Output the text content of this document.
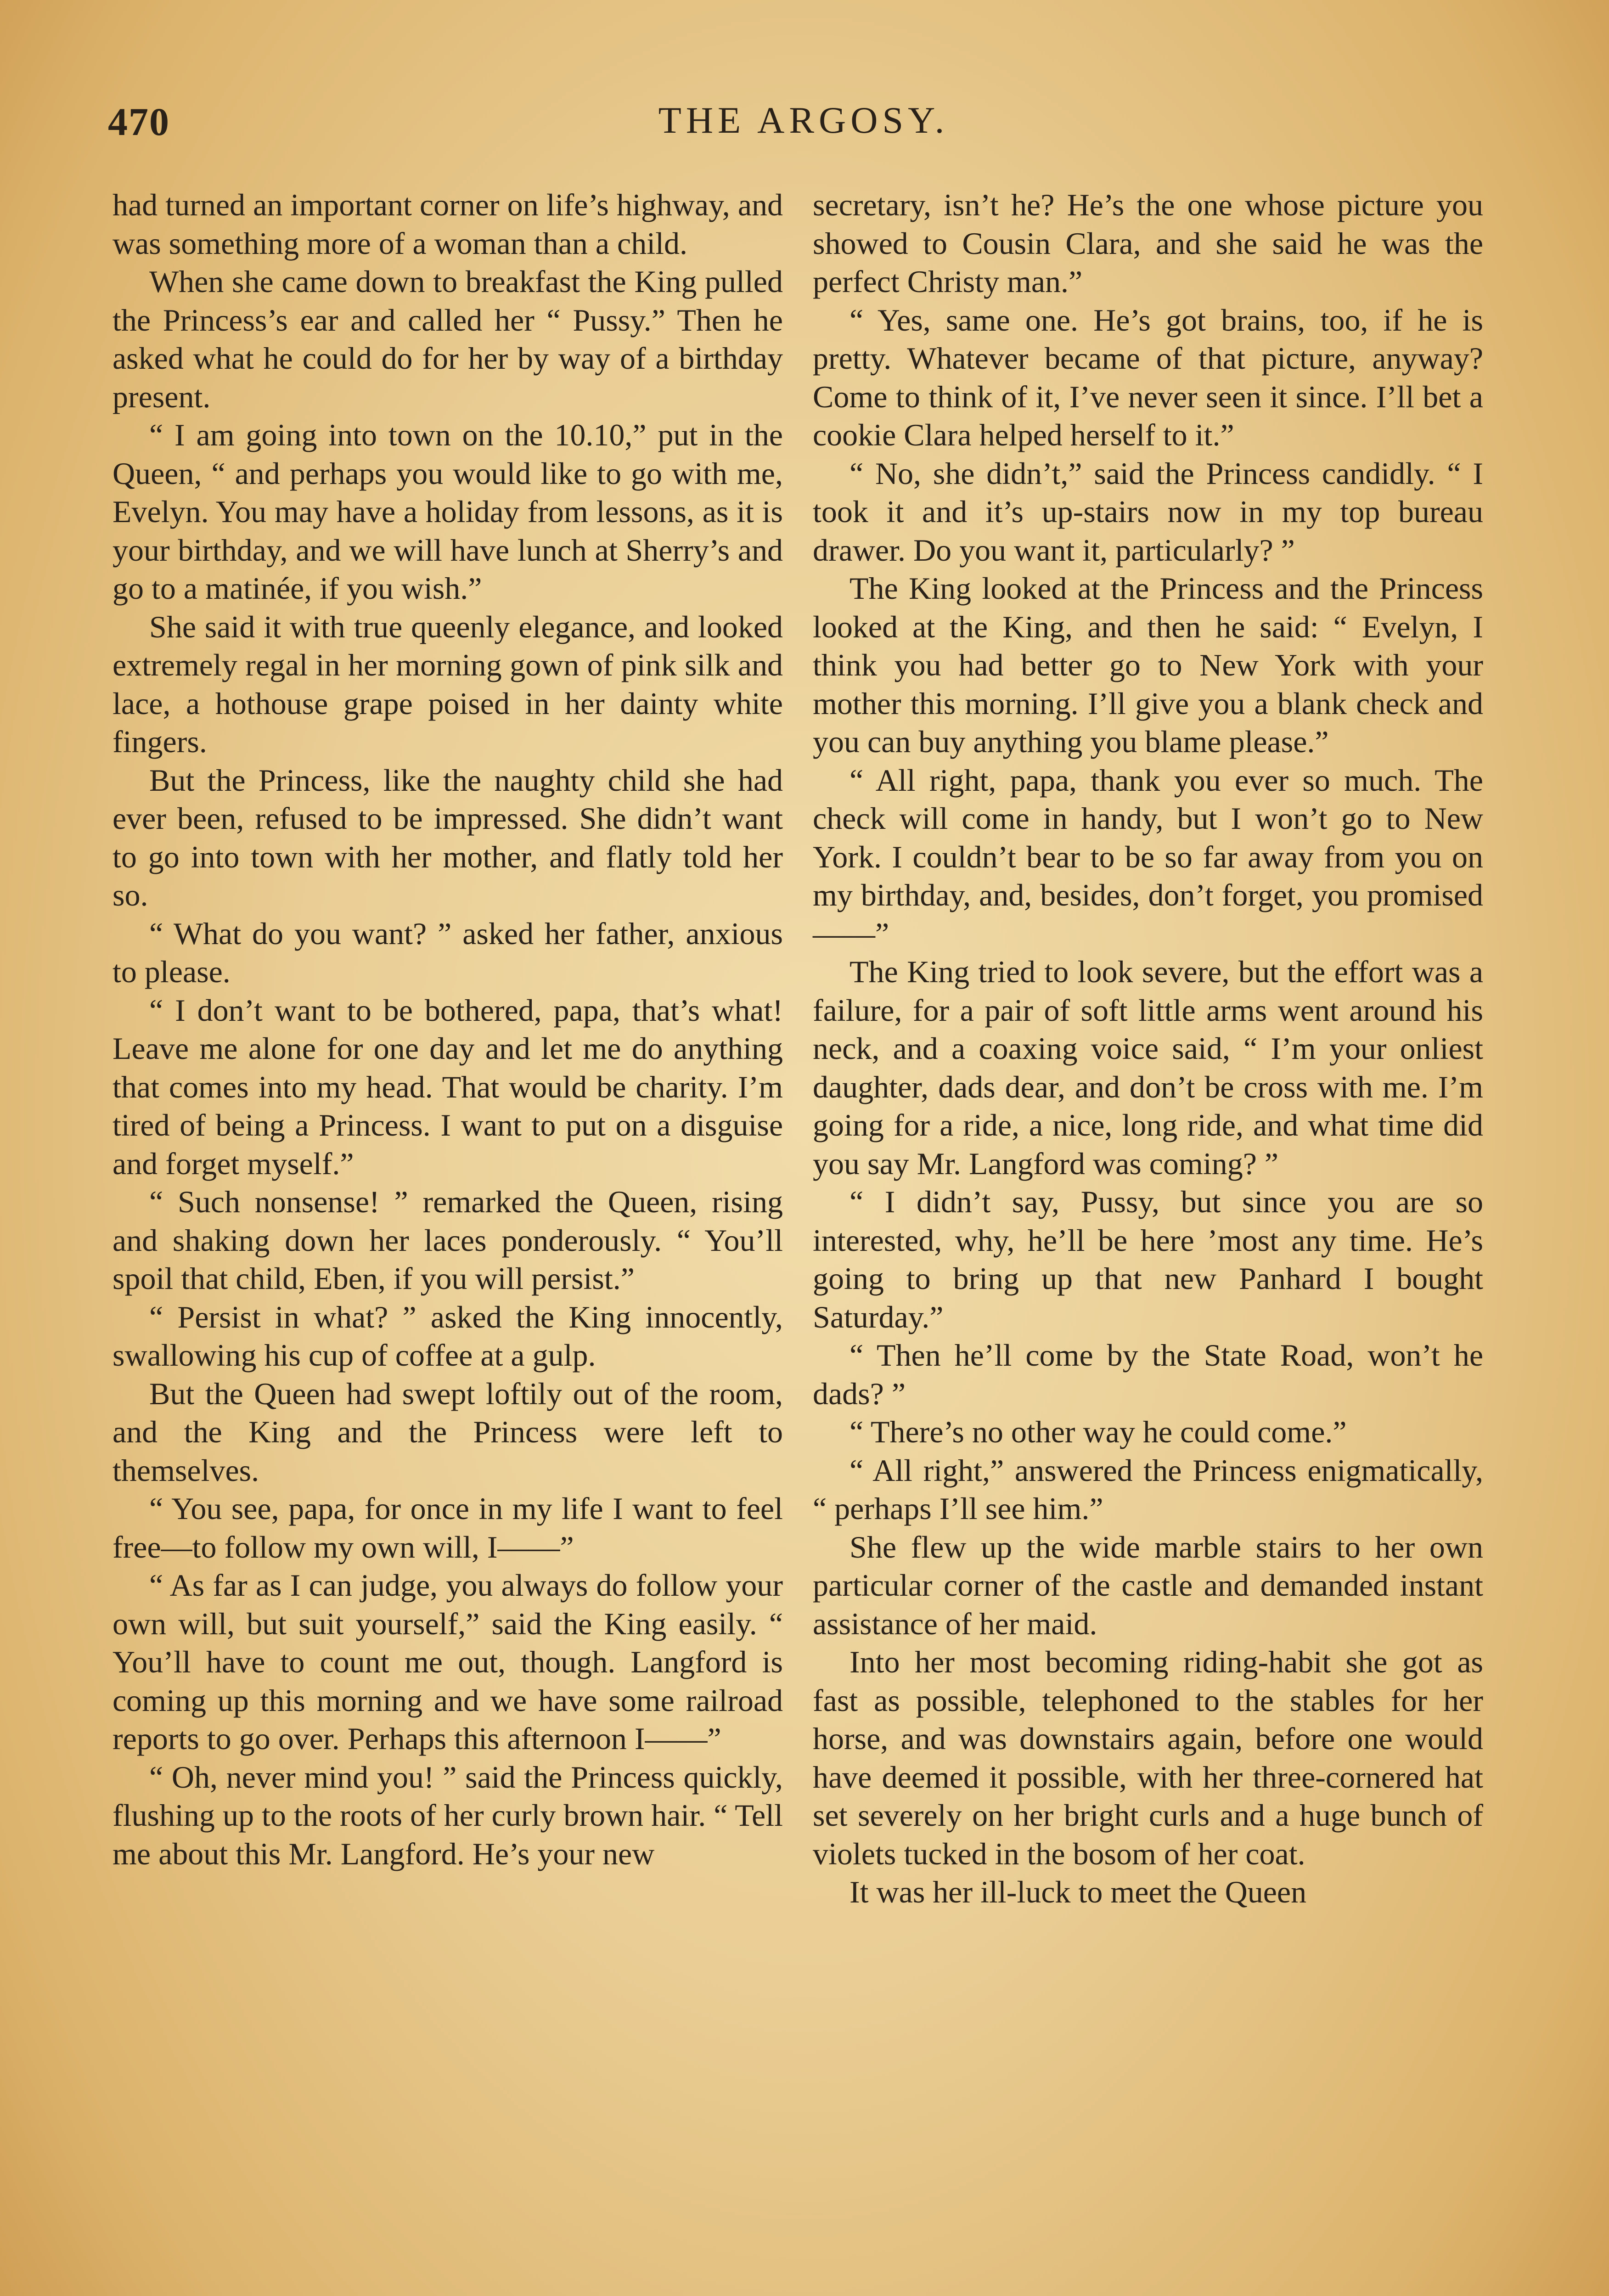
470	THE ARGOSY.

had turned an important corner on life’s highway, and was something more of a woman than a child.

When she came down to breakfast the King pulled the Princess’s ear and called her “ Pussy.” Then he asked what he could do for her by way of a birthday present.

“ I am going into town on the 10.10,” put in the Queen, “ and perhaps you would like to go with me, Evelyn. You may have a holiday from lessons, as it is your birthday, and we will have lunch at Sherry’s and go to a matinée, if you wish.”

She said it with true queenly elegance, and looked extremely regal in her morning gown of pink silk and lace, a hothouse grape poised in her dainty white fingers.

But the Princess, like the naughty child she had ever been, refused to be impressed. She didn’t want to go into town with her mother, and flatly told her so.

“ What do you want? ” asked her father, anxious to please.

“ I don’t want to be bothered, papa, that’s what! Leave me alone for one day and let me do anything that comes into my head. That would be charity. I’m tired of being a Princess. I want to put on a disguise and forget myself.”

“ Such nonsense! ” remarked the Queen, rising and shaking down her laces ponderously. “ You’ll spoil that child, Eben, if you will persist.”

“ Persist in what? ” asked the King innocently, swallowing his cup of coffee at a gulp.

But the Queen had swept loftily out of the room, and the King and the Princess were left to themselves.

“ You see, papa, for once in my life I want to feel free—to follow my own will, I——”

“ As far as I can judge, you always do follow your own will, but suit yourself,” said the King easily. “ You’ll have to count me out, though. Langford is coming up this morning and we have some railroad reports to go over. Perhaps this afternoon I——”

“ Oh, never mind you! ” said the Princess quickly, flushing up to the roots of her curly brown hair. “ Tell me about this Mr. Langford. He’s your new

secretary, isn’t he? He’s the one whose picture you showed to Cousin Clara, and she said he was the perfect Christy man.”

“ Yes, same one. He’s got brains, too, if he is pretty. Whatever became of that picture, anyway? Come to think of it, I’ve never seen it since. I’ll bet a cookie Clara helped herself to it.”

“ No, she didn’t,” said the Princess candidly. “ I took it and it’s up-stairs now in my top bureau drawer. Do you want it, particularly? ”

The King looked at the Princess and the Princess looked at the King, and then he said: “ Evelyn, I think you had better go to New York with your mother this morning. I’ll give you a blank check and you can buy anything you blame please.”

“ All right, papa, thank you ever so much. The check will come in handy, but I won’t go to New York. I couldn’t bear to be so far away from you on my birthday, and, besides, don’t forget, you promised——”

The King tried to look severe, but the effort was a failure, for a pair of soft little arms went around his neck, and a coaxing voice said, “ I’m your onliest daughter, dads dear, and don’t be cross with me. I’m going for a ride, a nice, long ride, and what time did you say Mr. Langford was coming? ”

“ I didn’t say, Pussy, but since you are so interested, why, he’ll be here ’most any time. He’s going to bring up that new Panhard I bought Saturday.”

“ Then he’ll come by the State Road, won’t he dads? ”

“ There’s no other way he could come.”

“ All right,” answered the Princess enigmatically, “ perhaps I’ll see him.”

She flew up the wide marble stairs to her own particular corner of the castle and demanded instant assistance of her maid.

Into her most becoming riding-habit she got as fast as possible, telephoned to the stables for her horse, and was downstairs again, before one would have deemed it possible, with her three-cornered hat set severely on her bright curls and a huge bunch of violets tucked in the bosom of her coat.

It was her ill-luck to meet the Queen
